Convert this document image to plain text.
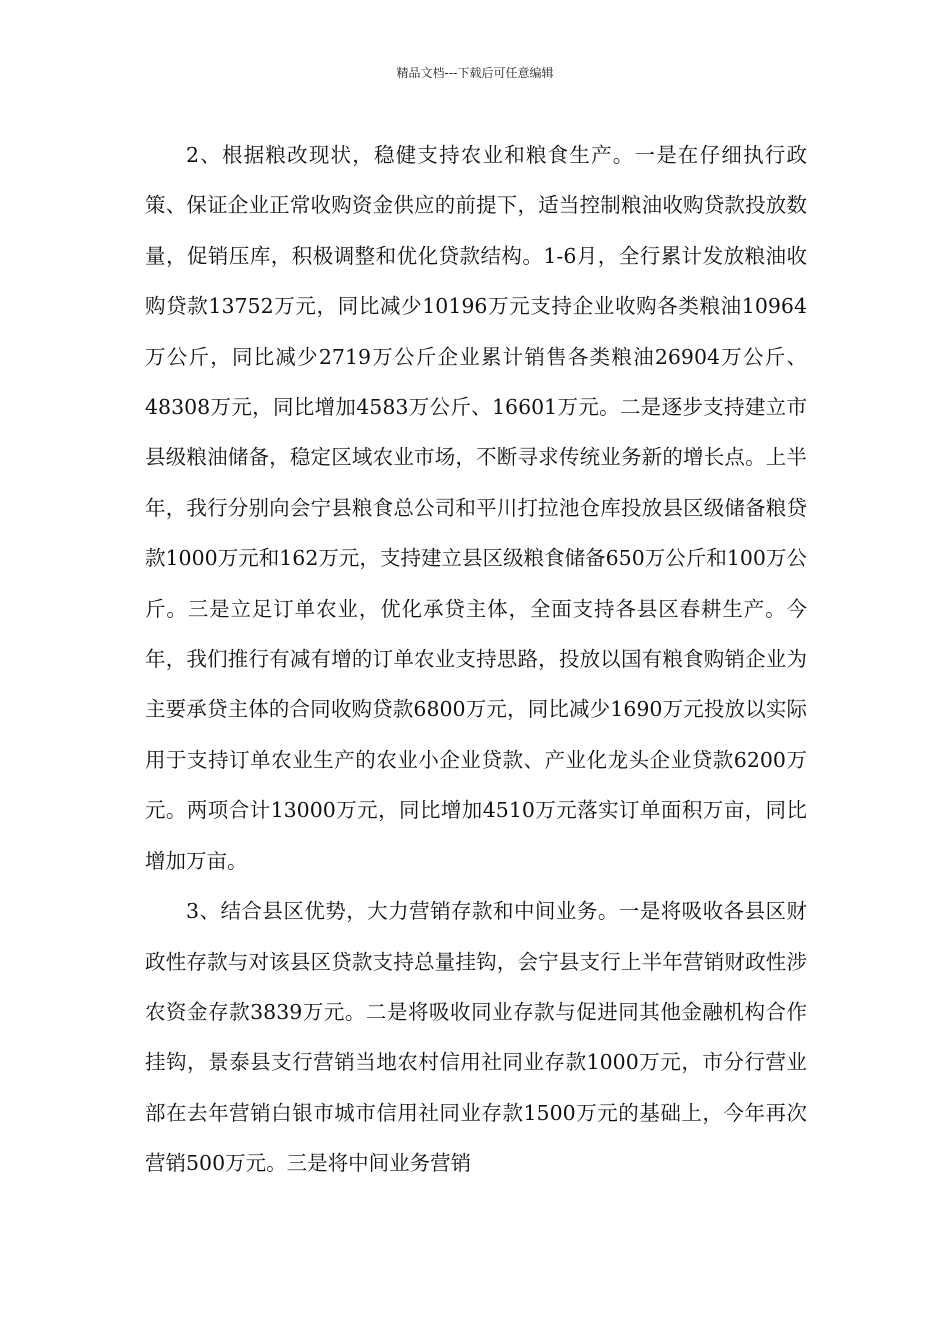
精品文档---下载后可任意编辑

2、根据粮改现状，稳健支持农业和粮食生产。一是在仔细执行政策、保证企业正常收购资金供应的前提下，适当控制粮油收购贷款投放数量，促销压库，积极调整和优化贷款结构。1-6月，全行累计发放粮油收购贷款13752万元，同比减少10196万元支持企业收购各类粮油10964万公斤，同比减少2719万公斤企业累计销售各类粮油26904万公斤、48308万元，同比增加4583万公斤、16601万元。二是逐步支持建立市县级粮油储备，稳定区域农业市场，不断寻求传统业务新的增长点。上半年，我行分别向会宁县粮食总公司和平川打拉池仓库投放县区级储备粮贷款1000万元和162万元，支持建立县区级粮食储备650万公斤和100万公斤。三是立足订单农业，优化承贷主体，全面支持各县区春耕生产。今年，我们推行有减有增的订单农业支持思路，投放以国有粮食购销企业为主要承贷主体的合同收购贷款6800万元，同比减少1690万元投放以实际用于支持订单农业生产的农业小企业贷款、产业化龙头企业贷款6200万元。两项合计13000万元，同比增加4510万元落实订单面积万亩，同比增加万亩。

3、结合县区优势，大力营销存款和中间业务。一是将吸收各县区财政性存款与对该县区贷款支持总量挂钩，会宁县支行上半年营销财政性涉农资金存款3839万元。二是将吸收同业存款与促进同其他金融机构合作挂钩，景泰县支行营销当地农村信用社同业存款1000万元，市分行营业部在去年营销白银市城市信用社同业存款1500万元的基础上，今年再次营销500万元。三是将中间业务营销
